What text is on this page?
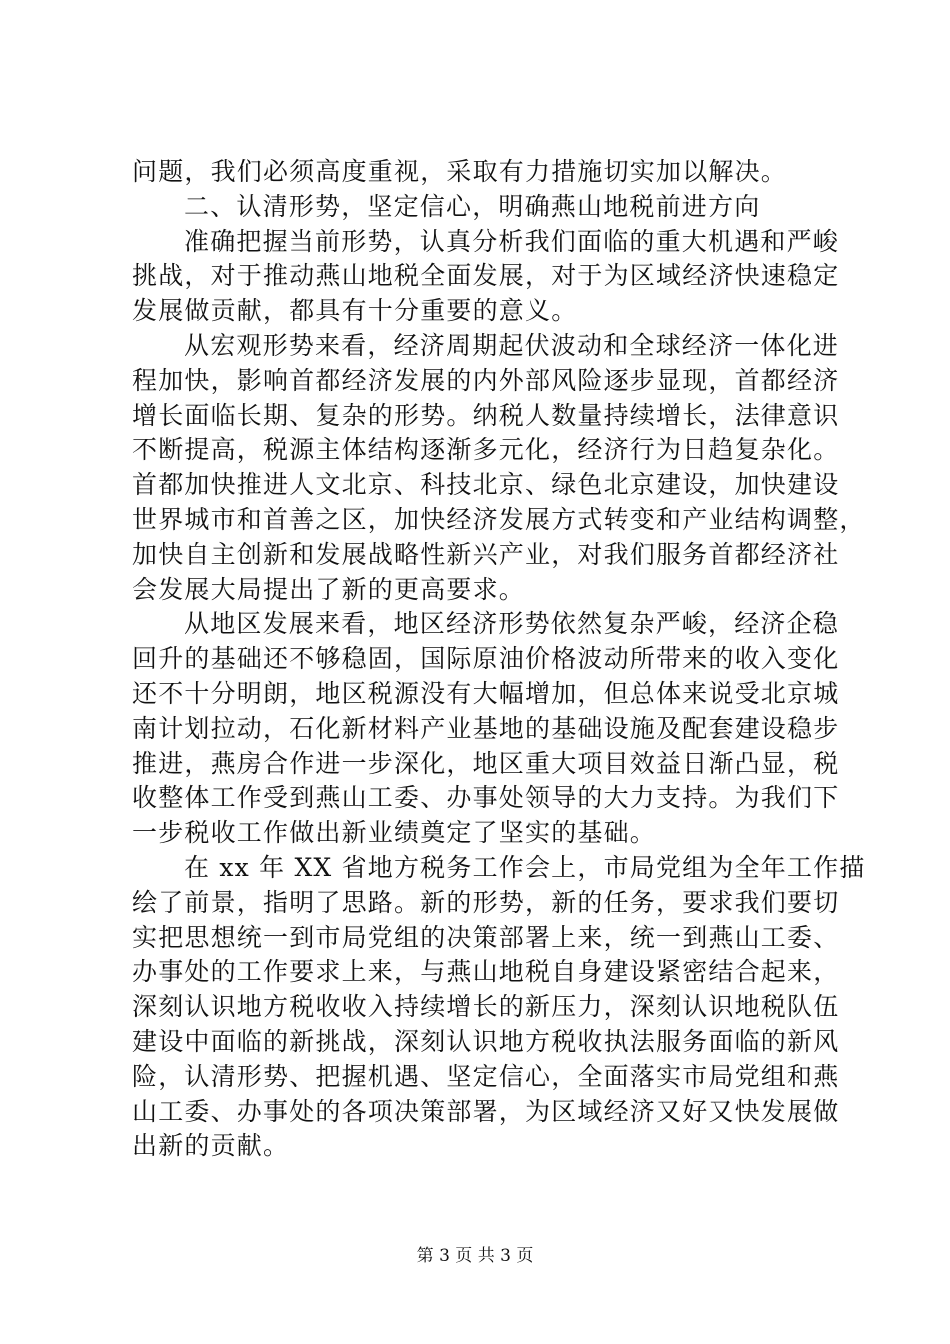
问题，我们必须高度重视，采取有力措施切实加以解决。
二、认清形势，坚定信心，明确燕山地税前进方向
准确把握当前形势，认真分析我们面临的重大机遇和严峻
挑战，对于推动燕山地税全面发展，对于为区域经济快速稳定
发展做贡献，都具有十分重要的意义。
从宏观形势来看，经济周期起伏波动和全球经济一体化进
程加快，影响首都经济发展的内外部风险逐步显现，首都经济
增长面临长期、复杂的形势。纳税人数量持续增长，法律意识
不断提高，税源主体结构逐渐多元化，经济行为日趋复杂化。
首都加快推进人文北京、科技北京、绿色北京建设，加快建设
世界城市和首善之区，加快经济发展方式转变和产业结构调整，
加快自主创新和发展战略性新兴产业，对我们服务首都经济社
会发展大局提出了新的更高要求。
从地区发展来看，地区经济形势依然复杂严峻，经济企稳
回升的基础还不够稳固，国际原油价格波动所带来的收入变化
还不十分明朗，地区税源没有大幅增加，但总体来说受北京城
南计划拉动，石化新材料产业基地的基础设施及配套建设稳步
推进，燕房合作进一步深化，地区重大项目效益日渐凸显，税
收整体工作受到燕山工委、办事处领导的大力支持。为我们下
一步税收工作做出新业绩奠定了坚实的基础。
在 xx 年 XX 省地方税务工作会上，市局党组为全年工作描
绘了前景，指明了思路。新的形势，新的任务，要求我们要切
实把思想统一到市局党组的决策部署上来，统一到燕山工委、
办事处的工作要求上来，与燕山地税自身建设紧密结合起来，
深刻认识地方税收收入持续增长的新压力，深刻认识地税队伍
建设中面临的新挑战，深刻认识地方税收执法服务面临的新风
险，认清形势、把握机遇、坚定信心，全面落实市局党组和燕
山工委、办事处的各项决策部署，为区域经济又好又快发展做
出新的贡献。
第 3 页 共 3 页
